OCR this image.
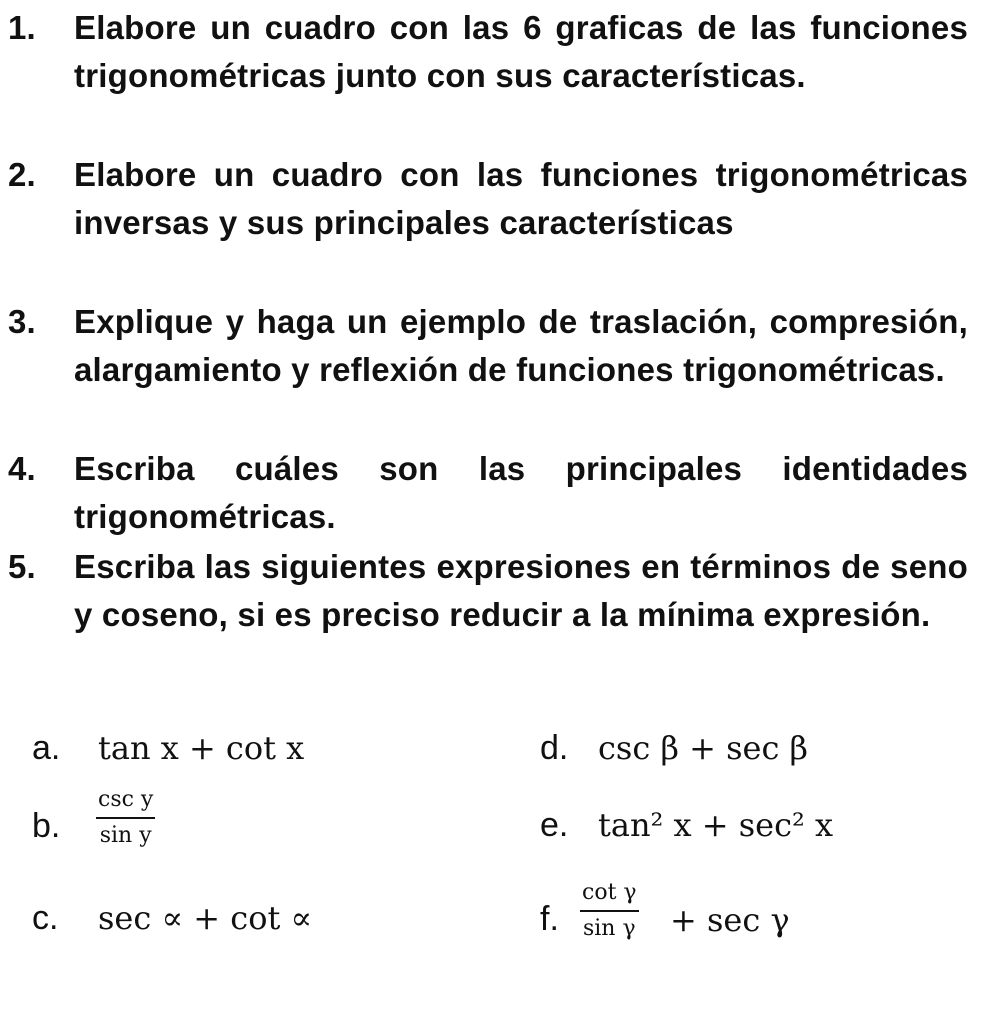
1.	Elabore un cuadro con las 6 graficas de las funciones trigonométricas junto con sus características.
2.	Elabore un cuadro con las funciones trigonométricas inversas y sus principales características
3.	Explique y haga un ejemplo de traslación, compresión, alargamiento y reflexión de funciones trigonométricas.
4.	Escriba cuáles son las principales identidades trigonométricas.
5.	Escriba las siguientes expresiones en términos de seno y coseno, si es preciso reducir a la mínima expresión.
a. tan x + cot x
b.
csc y
sin y
c. sec ∝ + cot ∝
d. csc β + sec β
e. tan² x + sec² x
f.
cot γ
sin γ + sec γ
